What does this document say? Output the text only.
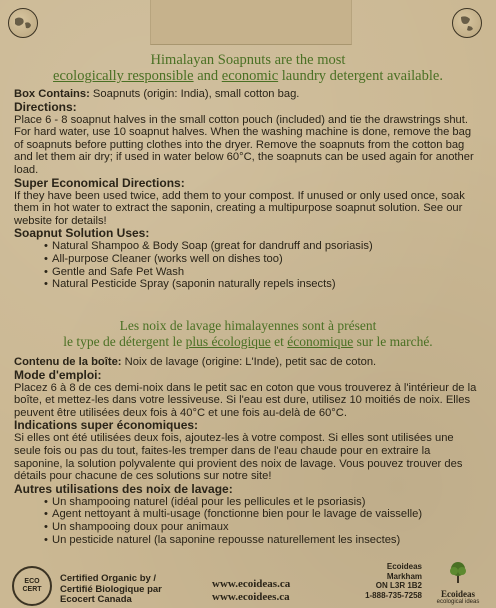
Himalayan Soapnuts are the most
ecologically responsible and economic laundry detergent available.

Box Contains: Soapnuts (origin: India), small cotton bag.

Directions:

Place 6 - 8 soapnut halves in the small cotton pouch (included) and tie the drawstrings shut. For hard water, use 10 soapnut halves. When the washing machine is done, remove the bag of soapnuts before putting clothes into the dryer. Remove the soapnuts from the cotton bag and let them air dry; if used in water below 60°C, the soapnuts can be used again for another load.

Super Economical Directions:

If they have been used twice, add them to your compost. If unused or only used once, soak them in hot water to extract the saponin, creating a multipurpose soapnut solution. See our website for details!

Soapnut Solution Uses:
• Natural Shampoo & Body Soap (great for dandruff and psoriasis)
• All-purpose Cleaner (works well on dishes too)
• Gentle and Safe Pet Wash
• Natural Pesticide Spray (saponin naturally repels insects)
Les noix de lavage himalayennes sont à présent
le type de détergent le plus écologique et économique sur le marché.

Contenu de la boîte: Noix de lavage (origine: L'Inde), petit sac de coton.

Mode d'emploi:

Placez 6 à 8 de ces demi-noix dans le petit sac en coton que vous trouverez à l'intérieur de la boîte, et mettez-les dans votre lessiveuse. Si l'eau est dure, utilisez 10 moitiés de noix. Elles peuvent être utilisées deux fois à 40°C et une fois au-delà de 60°C.

Indications super économiques:

Si elles ont été utilisées deux fois, ajoutez-les à votre compost. Si elles sont utilisées une seule fois ou pas du tout, faites-les tremper dans de l'eau chaude pour en extraire la saponine, la solution polyvalente qui provient des noix de lavage. Vous pouvez trouver des détails pour chacune de ces solutions sur notre site!

Autres utilisations des noix de lavage:
• Un shampooing naturel (idéal pour les pellicules et le psoriasis)
• Agent nettoyant à multi-usage (fonctionne bien pour le lavage de vaisselle)
• Un shampooing doux pour animaux
• Un pesticide naturel (la saponine repousse naturellement les insectes)
ECO CERT
Certified Organic by /
Certifié Biologique par
Ecocert Canada
www.ecoideas.ca
www.ecoidees.ca
Ecoideas
Markham
ON L3R 1B2
1-888-735-7258	Ecoideas
ecological ideas
